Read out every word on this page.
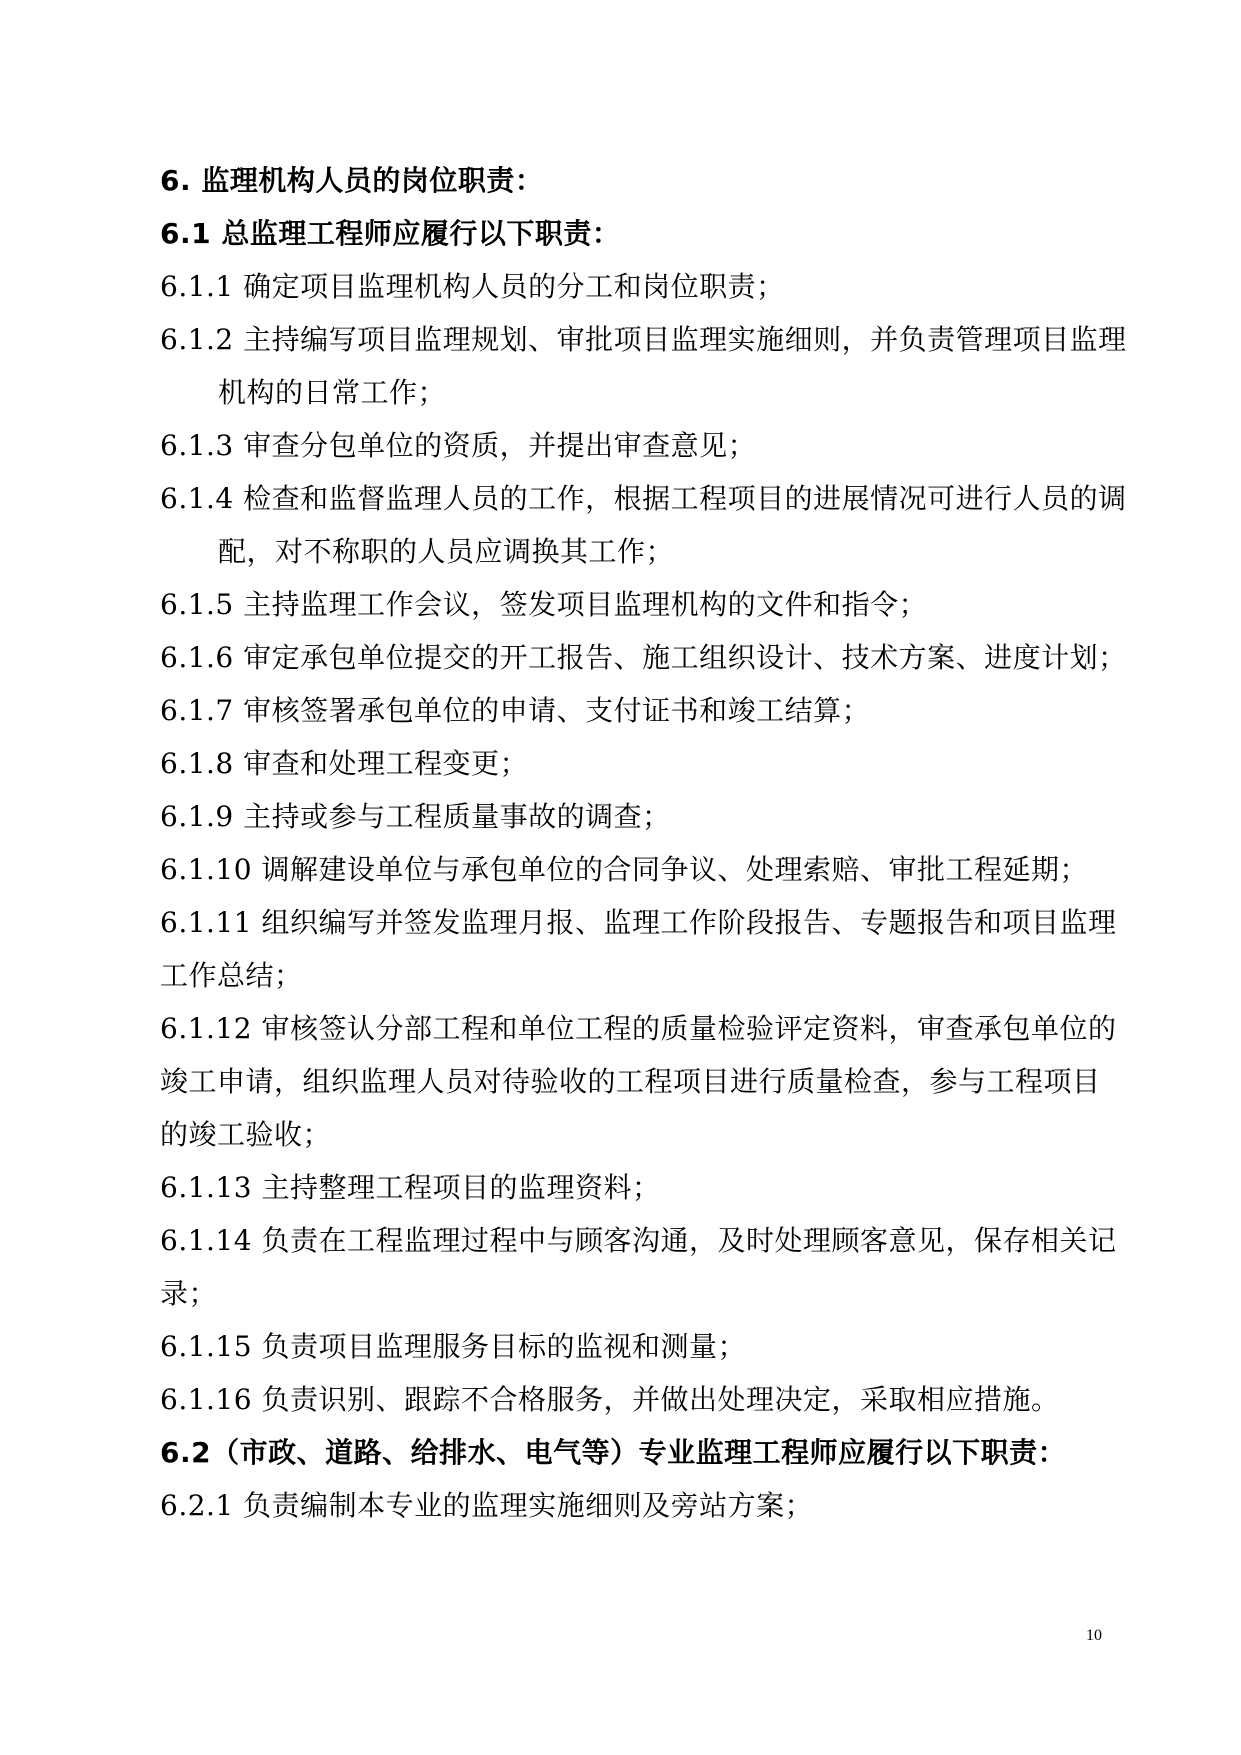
6. 监理机构人员的岗位职责：
6.1 总监理工程师应履行以下职责：
6.1.1 确定项目监理机构人员的分工和岗位职责；
6.1.2 主持编写项目监理规划、审批项目监理实施细则，并负责管理项目监理
机构的日常工作；
6.1.3 审查分包单位的资质，并提出审查意见；
6.1.4 检查和监督监理人员的工作，根据工程项目的进展情况可进行人员的调
配，对不称职的人员应调换其工作；
6.1.5 主持监理工作会议，签发项目监理机构的文件和指令；
6.1.6 审定承包单位提交的开工报告、施工组织设计、技术方案、进度计划；
6.1.7 审核签署承包单位的申请、支付证书和竣工结算；
6.1.8 审查和处理工程变更；
6.1.9 主持或参与工程质量事故的调查；
6.1.10 调解建设单位与承包单位的合同争议、处理索赔、审批工程延期；
6.1.11 组织编写并签发监理月报、监理工作阶段报告、专题报告和项目监理
工作总结；
6.1.12 审核签认分部工程和单位工程的质量检验评定资料，审查承包单位的
竣工申请，组织监理人员对待验收的工程项目进行质量检查，参与工程项目
的竣工验收；
6.1.13 主持整理工程项目的监理资料；
6.1.14 负责在工程监理过程中与顾客沟通，及时处理顾客意见，保存相关记
录；
6.1.15 负责项目监理服务目标的监视和测量；
6.1.16 负责识别、跟踪不合格服务，并做出处理决定，采取相应措施。
6.2（市政、道路、给排水、电气等）专业监理工程师应履行以下职责：
6.2.1 负责编制本专业的监理实施细则及旁站方案；
10
